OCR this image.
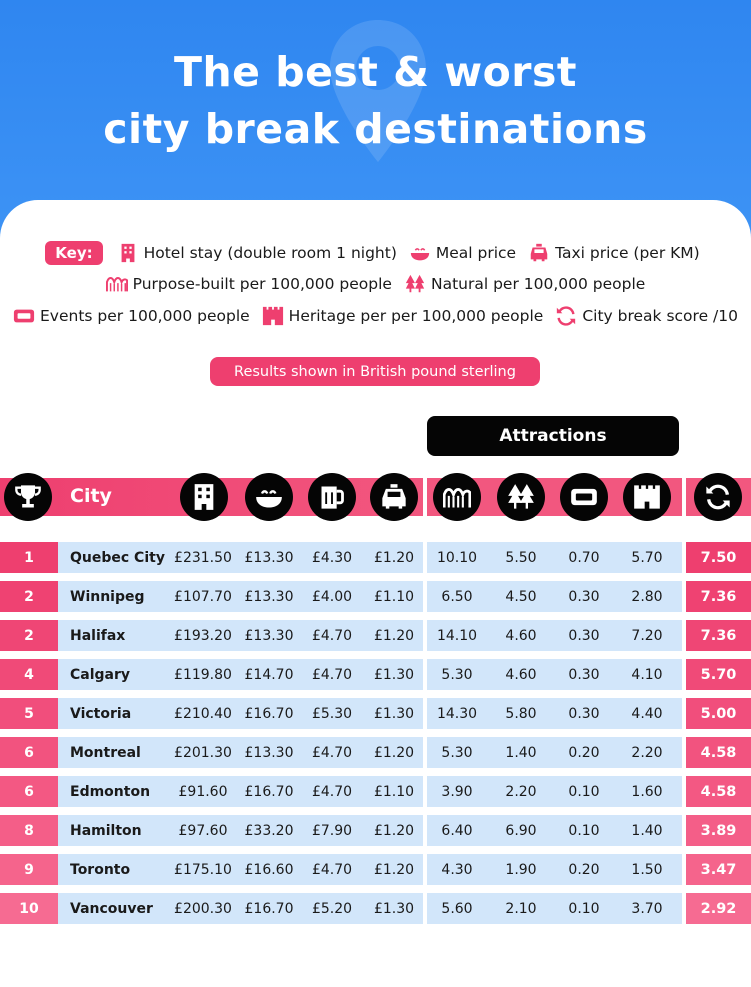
The best & worst
city break destinations
Key:	Hotel stay (double room 1 night)	Meal price	Taxi price (per KM)
Purpose-built per 100,000 people	Natural per 100,000 people
Events per 100,000 people	Heritage per per 100,000 people	City break score /10
Results shown in British pound sterling
Attractions
City
1	Quebec City £231.50 £13.30	£4.30	£1.20	10.10	5.50	0.70	5.70	7.50
2	Winnipeg	£107.70 £13.30	£4.00	£1.10	6.50	4.50	0.30	2.80	7.36
2	Halifax	£193.20 £13.30	£4.70	£1.20	14.10	4.60	0.30	7.20	7.36
4	Calgary	£119.80 £14.70	£4.70	£1.30	5.30	4.60	0.30	4.10	5.70
5	Victoria	£210.40 £16.70	£5.30	£1.30	14.30	5.80	0.30	4.40	5.00
6	Montreal	£201.30 £13.30	£4.70	£1.20	5.30	1.40	0.20	2.20	4.58
6	Edmonton	£91.60	£16.70	£4.70	£1.10	3.90	2.20	0.10	1.60	4.58
8	Hamilton	£97.60	£33.20	£7.90	£1.20	6.40	6.90	0.10	1.40	3.89
9	Toronto	£175.10 £16.60	£4.70	£1.20	4.30	1.90	0.20	1.50	3.47
10	Vancouver	£200.30 £16.70	£5.20	£1.30	5.60	2.10	0.10	3.70	2.92
